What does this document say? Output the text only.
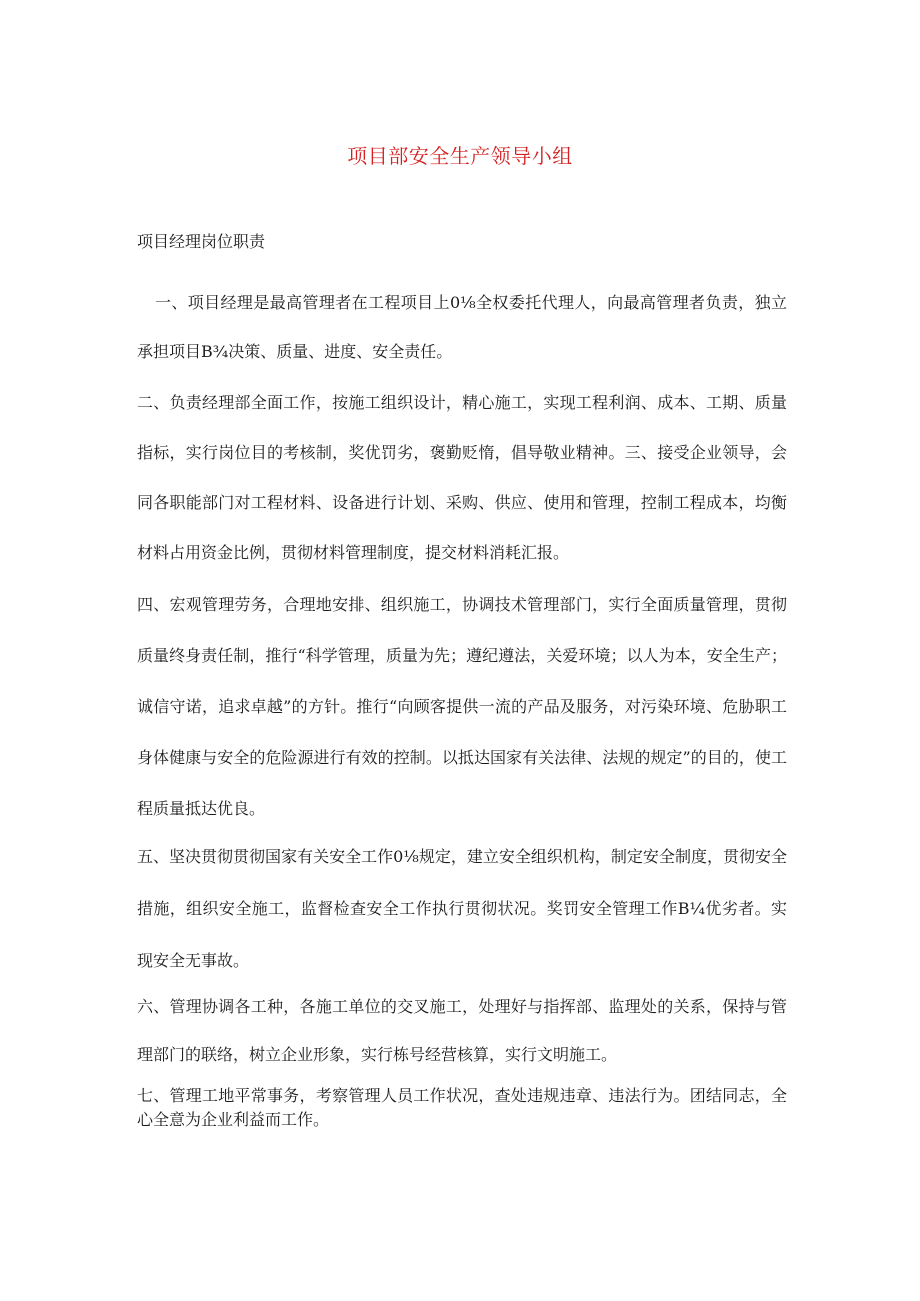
项目部安全生产领导小组
项目经理岗位职责

一、项目经理是最高管理者在工程项目上0⅛全权委托代理人，向最高管理者负责，独立承担项目B¾决策、质量、进度、安全责任。

二、负责经理部全面工作，按施工组织设计，精心施工，实现工程利润、成本、工期、质量指标，实行岗位目的考核制，奖优罚劣，褒勤贬惰，倡导敬业精神。三、接受企业领导，会同各职能部门对工程材料、设备进行计划、采购、供应、使用和管理，控制工程成本，均衡材料占用资金比例，贯彻材料管理制度，提交材料消耗汇报。

四、宏观管理劳务，合理地安排、组织施工，协调技术管理部门，实行全面质量管理，贯彻质量终身责任制，推行“科学管理，质量为先；遵纪遵法，关爱环境；以人为本，安全生产；诚信守诺，追求卓越”的方针。推行“向顾客提供一流的产品及服务，对污染环境、危胁职工身体健康与安全的危险源进行有效的控制。以抵达国家有关法律、法规的规定”的目的，使工程质量抵达优良。

五、坚决贯彻贯彻国家有关安全工作0⅛规定，建立安全组织机构，制定安全制度，贯彻安全措施，组织安全施工，监督检查安全工作执行贯彻状况。奖罚安全管理工作B¼优劣者。实现安全无事故。

六、管理协调各工种，各施工单位的交叉施工，处理好与指挥部、监理处的关系，保持与管理部门的联络，树立企业形象，实行栋号经营核算，实行文明施工。

七、管理工地平常事务，考察管理人员工作状况，查处违规违章、违法行为。团结同志，全心全意为企业利益而工作。
